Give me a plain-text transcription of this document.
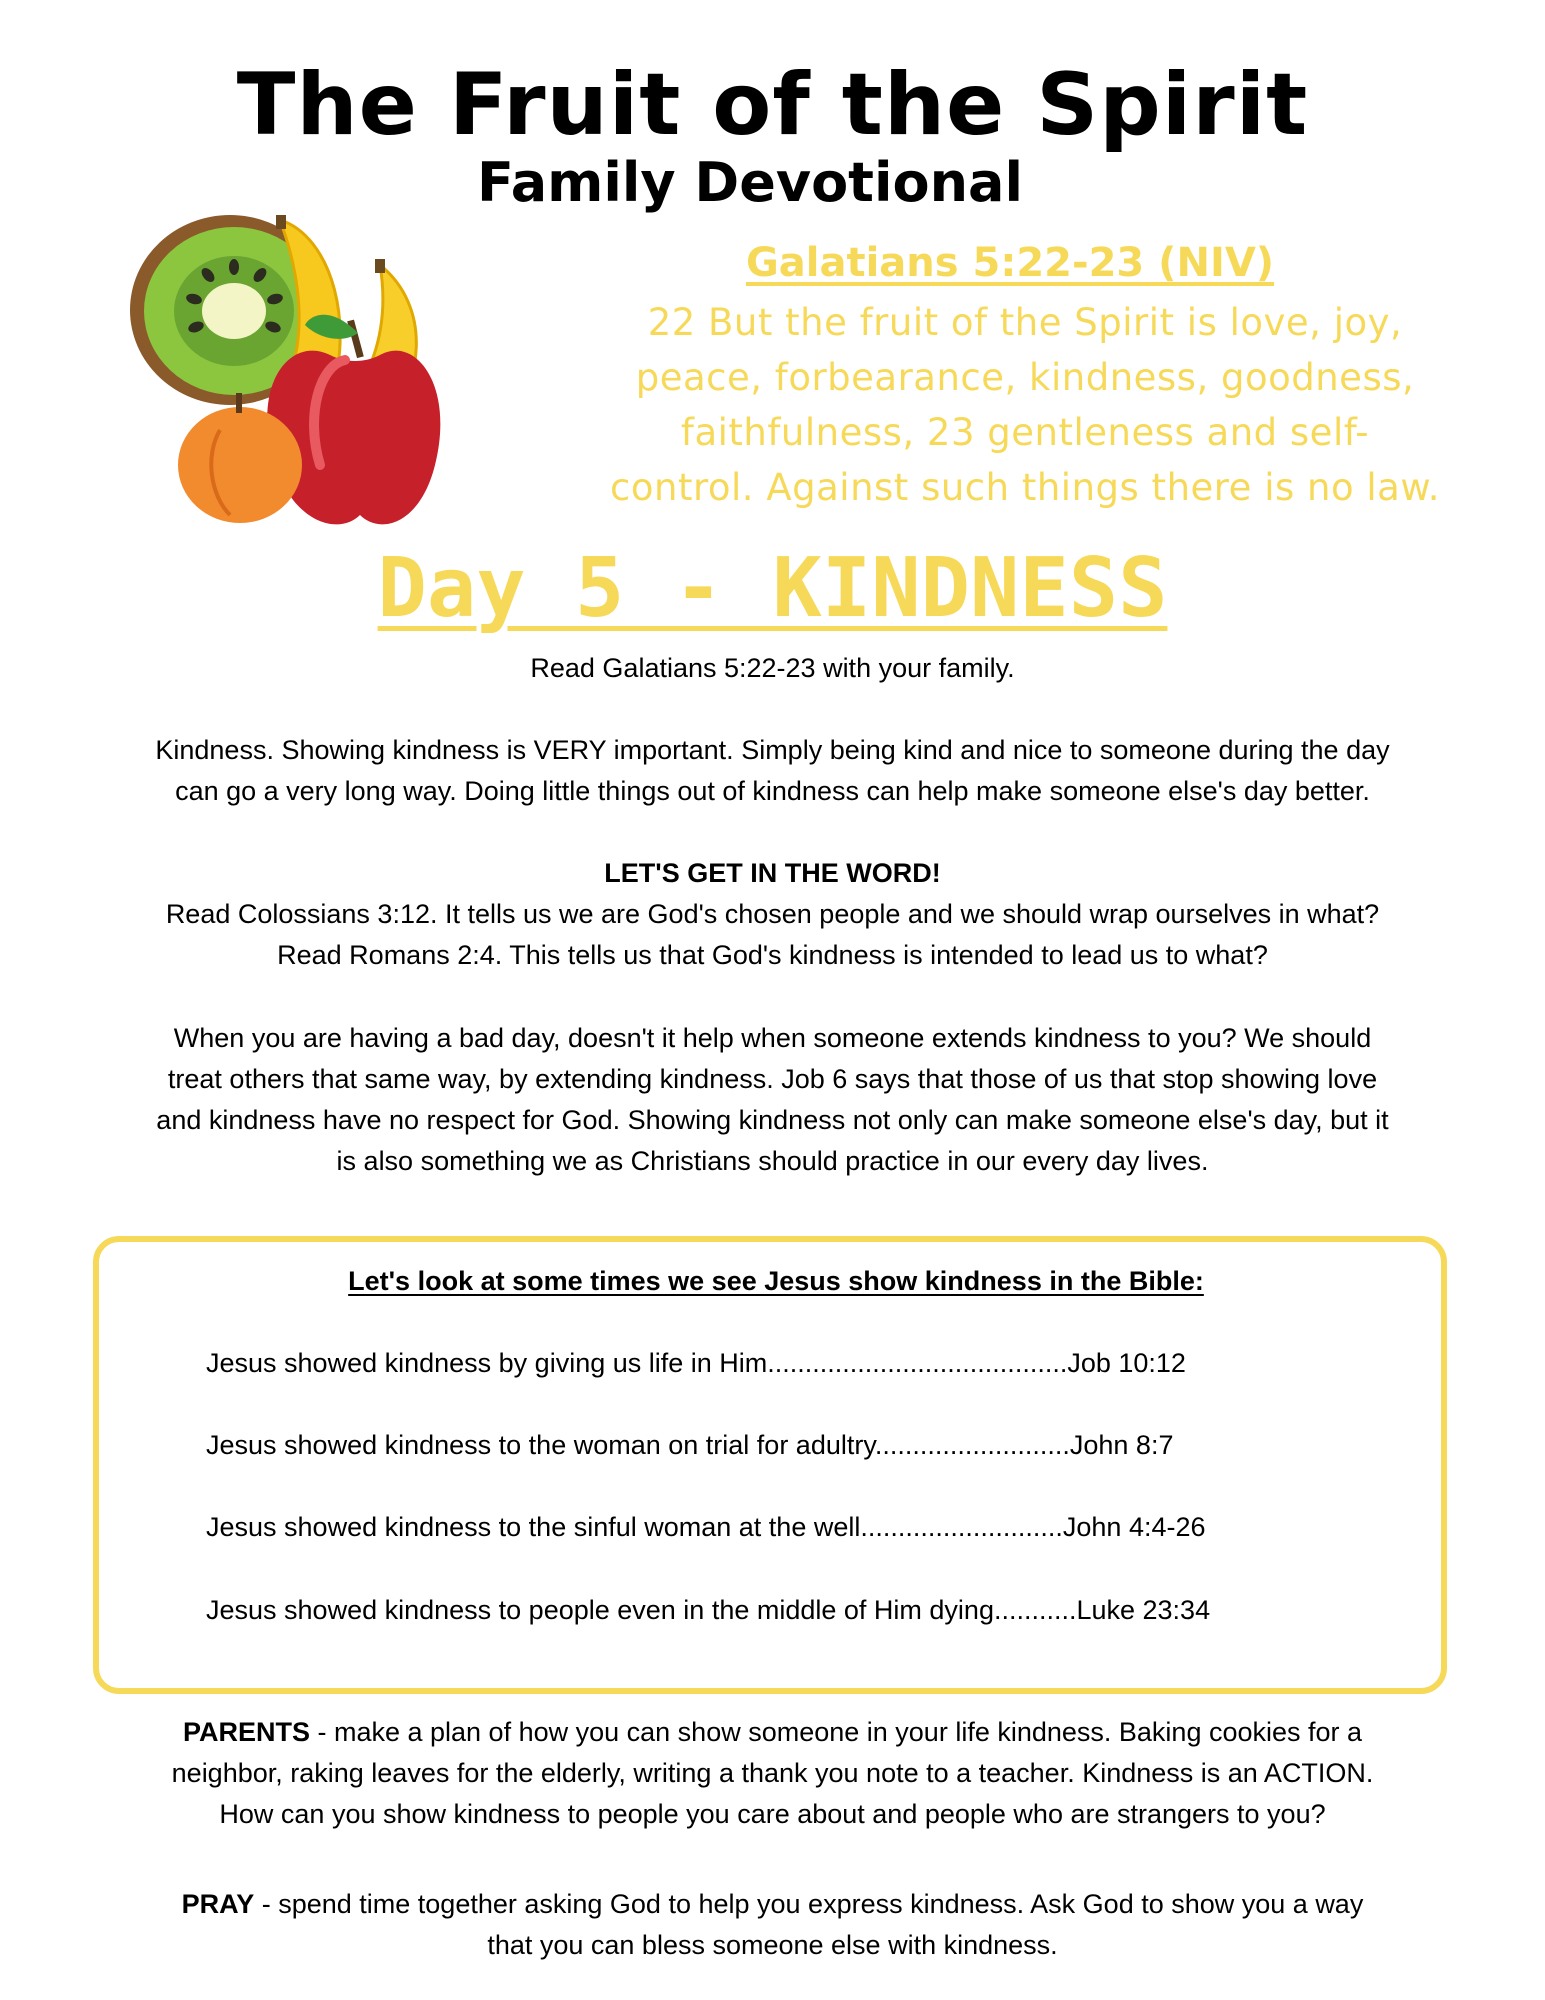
The Fruit of the Spirit
Family Devotional
Galatians 5:22-23 (NIV)
22 But the fruit of the Spirit is love, joy,
peace, forbearance, kindness, goodness,
faithfulness, 23 gentleness and self-
control. Against such things there is no law.
Day 5 - KINDNESS
Read Galatians 5:22-23 with your family.
Kindness. Showing kindness is VERY important. Simply being kind and nice to someone during the day
can go a very long way. Doing little things out of kindness can help make someone else's day better.
LET'S GET IN THE WORD!
Read Colossians 3:12. It tells us we are God's chosen people and we should wrap ourselves in what?
Read Romans 2:4. This tells us that God's kindness is intended to lead us to what?
When you are having a bad day, doesn't it help when someone extends kindness to you? We should
treat others that same way, by extending kindness. Job 6 says that those of us that stop showing love
and kindness have no respect for God. Showing kindness not only can make someone else's day, but it
is also something we as Christians should practice in our every day lives.
Let's look at some times we see Jesus show kindness in the Bible:
Jesus showed kindness by giving us life in Him........................................Job 10:12
Jesus showed kindness to the woman on trial for adultry..........................John 8:7
Jesus showed kindness to the sinful woman at the well...........................John 4:4-26
Jesus showed kindness to people even in the middle of Him dying...........Luke 23:34
PARENTS - make a plan of how you can show someone in your life kindness. Baking cookies for a
neighbor, raking leaves for the elderly, writing a thank you note to a teacher. Kindness is an ACTION.
How can you show kindness to people you care about and people who are strangers to you?
PRAY - spend time together asking God to help you express kindness. Ask God to show you a way
that you can bless someone else with kindness.
